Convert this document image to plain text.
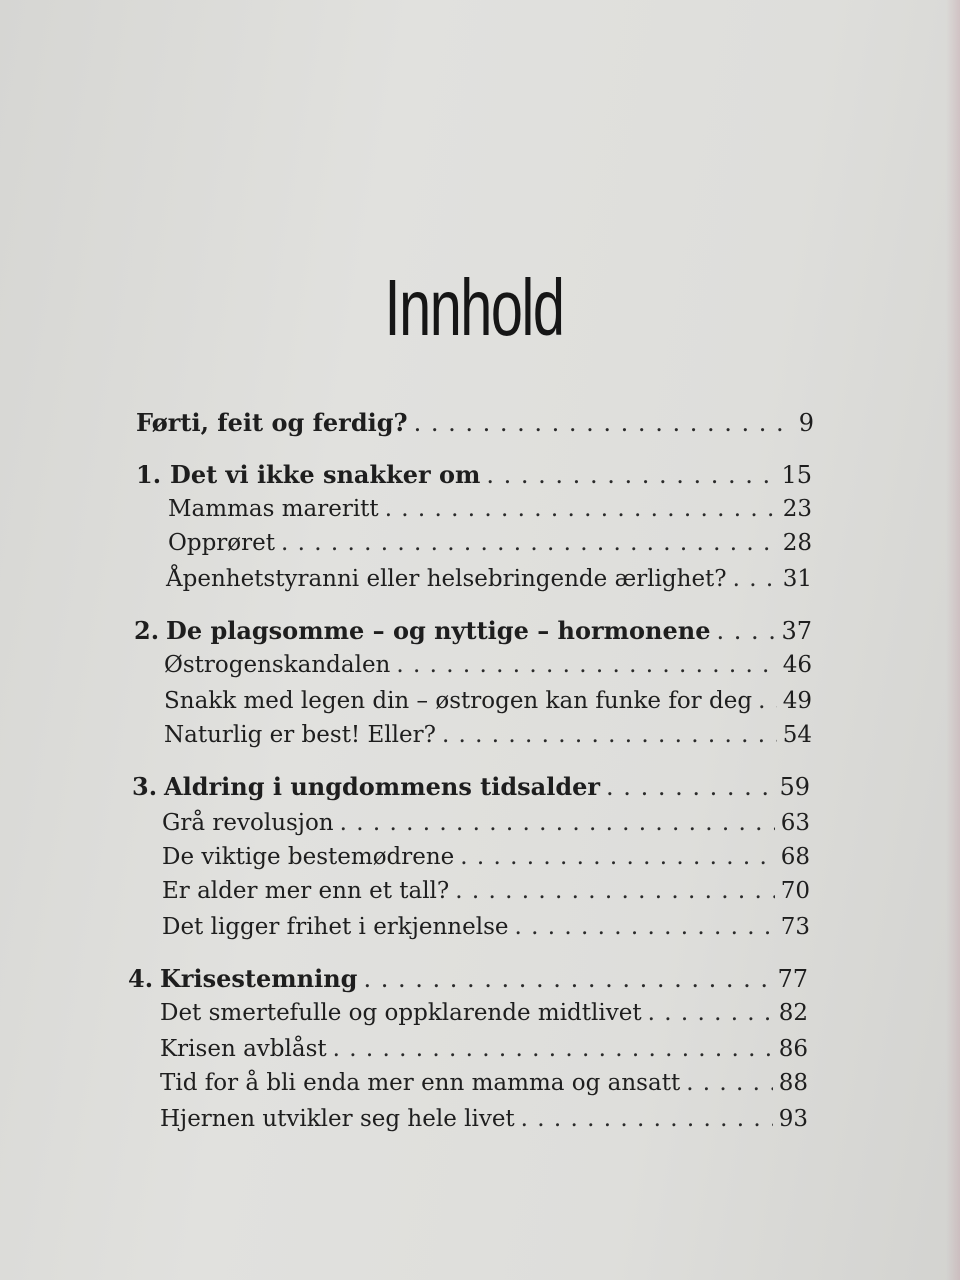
Innhold
Førti, feit og ferdig? . . .	9
1. Det vi ikke snakker om . . .	15
Mammas mareritt . . .	23
Opprøret . . .	28
Åpenhetstyranni eller helsebringende ærlighet? . . . 31
2. De plagsomme – og nyttige – hormonene . . .	37
Østrogenskandalen . . .	46
Snakk med legen din – østrogen kan funke for deg . . . 49
Naturlig er best! Eller? . . .	54
3. Aldring i ungdommens tidsalder . . .	59
Grå revolusjon . . .	63
De viktige bestemødrene . . .	68
Er alder mer enn et tall? . . .	70
Det ligger frihet i erkjennelse . . .	73
4. Krisestemning . . .	77
Det smertefulle og oppklarende midtlivet . . .	82
Krisen avblåst . . .	86
Tid for å bli enda mer enn mamma og ansatt . . .	88
Hjernen utvikler seg hele livet . . .	93
